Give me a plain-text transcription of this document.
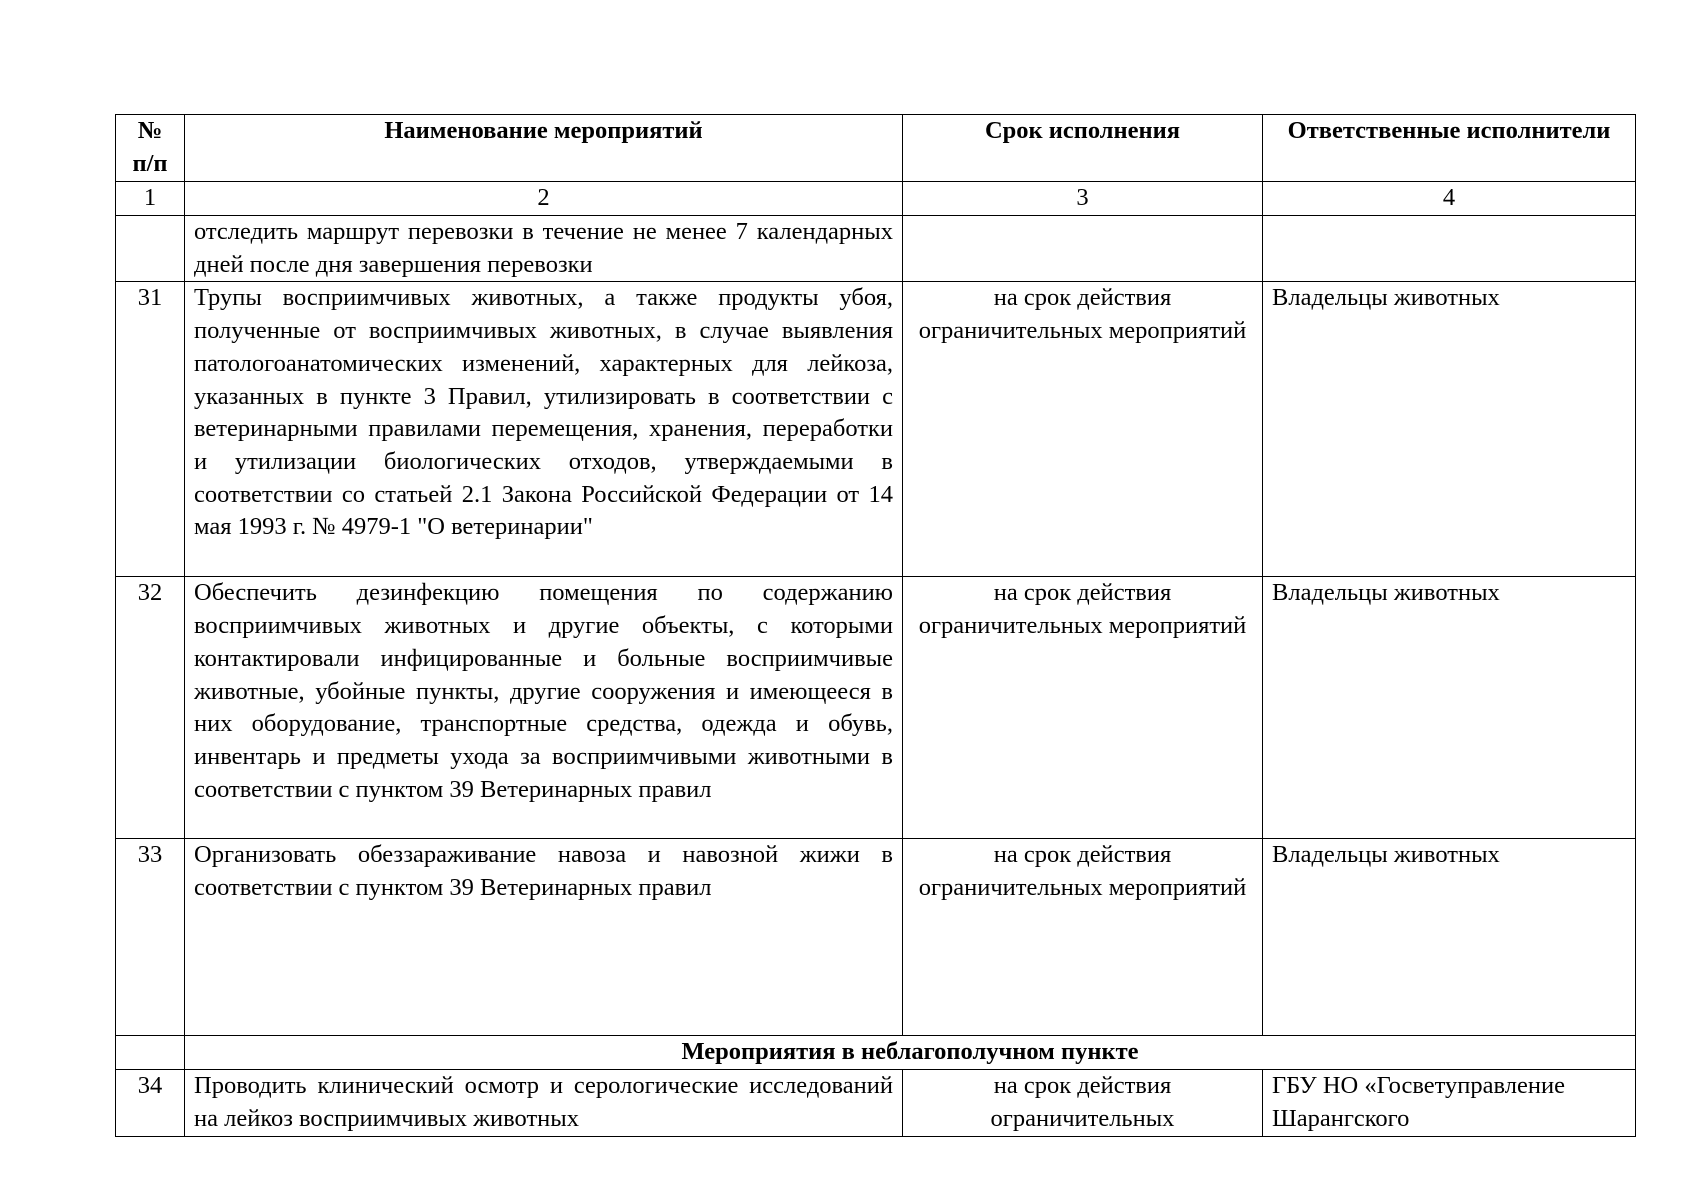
№ п/п	Наименование мероприятий	Срок исполнения	Ответственные исполнители
1	2	3	4
	отследить маршрут перевозки в течение не менее 7 календарных дней после дня завершения перевозки		
31	Трупы восприимчивых животных, а также продукты убоя, полученные от восприимчивых животных, в случае выявления патологоанатомических изменений, характерных для лейкоза, указанных в пункте 3 Правил, утилизировать в соответствии с ветеринарными правилами перемещения, хранения, переработки и утилизации биологических отходов, утверждаемыми в соответствии со статьей 2.1 Закона Российской Федерации от 14 мая 1993 г. № 4979-1 "О ветеринарии"	на срок действия ограничительных мероприятий	Владельцы животных
32	Обеспечить дезинфекцию помещения по содержанию восприимчивых животных и другие объекты, с которыми контактировали инфицированные и больные восприимчивые животные, убойные пункты, другие сооружения и имеющееся в них оборудование, транспортные средства, одежда и обувь, инвентарь и предметы ухода за восприимчивыми животными в соответствии с пунктом 39 Ветеринарных правил	на срок действия ограничительных мероприятий	Владельцы животных
33	Организовать обеззараживание навоза и навозной жижи в соответствии с пунктом 39 Ветеринарных правил	на срок действия ограничительных мероприятий	Владельцы животных
	Мероприятия в неблагополучном пункте		
34	Проводить клинический осмотр и серологические исследований на лейкоз восприимчивых животных	на срок действия ограничительных	ГБУ НО «Госветуправление Шарангского
